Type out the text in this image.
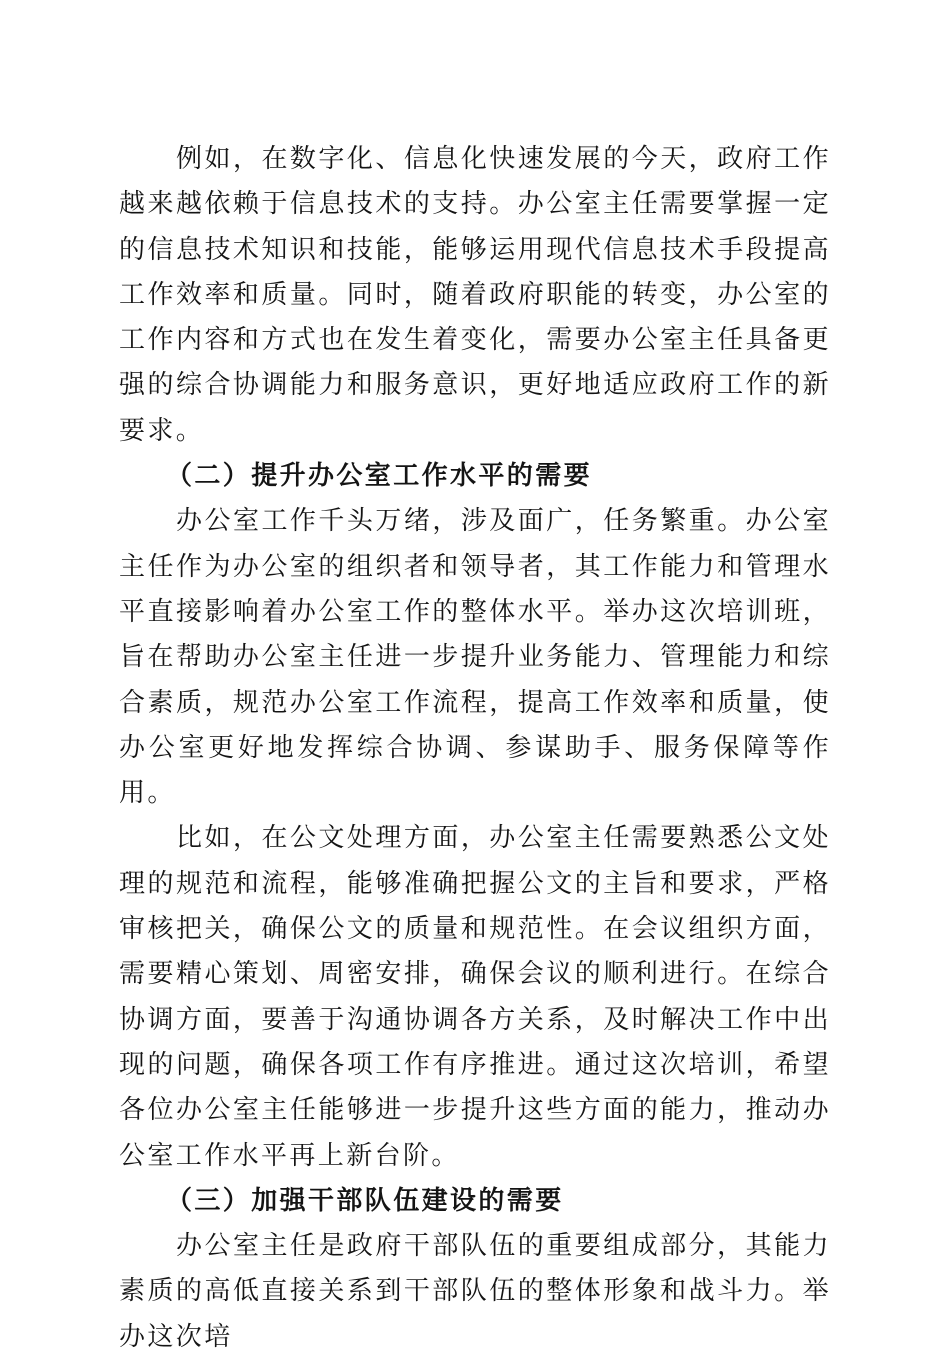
例如，在数字化、信息化快速发展的今天，政府工作越来越依赖于信息技术的支持。办公室主任需要掌握一定的信息技术知识和技能，能够运用现代信息技术手段提高工作效率和质量。同时，随着政府职能的转变，办公室的工作内容和方式也在发生着变化，需要办公室主任具备更强的综合协调能力和服务意识，更好地适应政府工作的新要求。

（二）提升办公室工作水平的需要

办公室工作千头万绪，涉及面广，任务繁重。办公室主任作为办公室的组织者和领导者，其工作能力和管理水平直接影响着办公室工作的整体水平。举办这次培训班，旨在帮助办公室主任进一步提升业务能力、管理能力和综合素质，规范办公室工作流程，提高工作效率和质量，使办公室更好地发挥综合协调、参谋助手、服务保障等作用。

比如，在公文处理方面，办公室主任需要熟悉公文处理的规范和流程，能够准确把握公文的主旨和要求，严格审核把关，确保公文的质量和规范性。在会议组织方面，需要精心策划、周密安排，确保会议的顺利进行。在综合协调方面，要善于沟通协调各方关系，及时解决工作中出现的问题，确保各项工作有序推进。通过这次培训，希望各位办公室主任能够进一步提升这些方面的能力，推动办公室工作水平再上新台阶。

（三）加强干部队伍建设的需要

办公室主任是政府干部队伍的重要组成部分，其能力素质的高低直接关系到干部队伍的整体形象和战斗力。举办这次培
